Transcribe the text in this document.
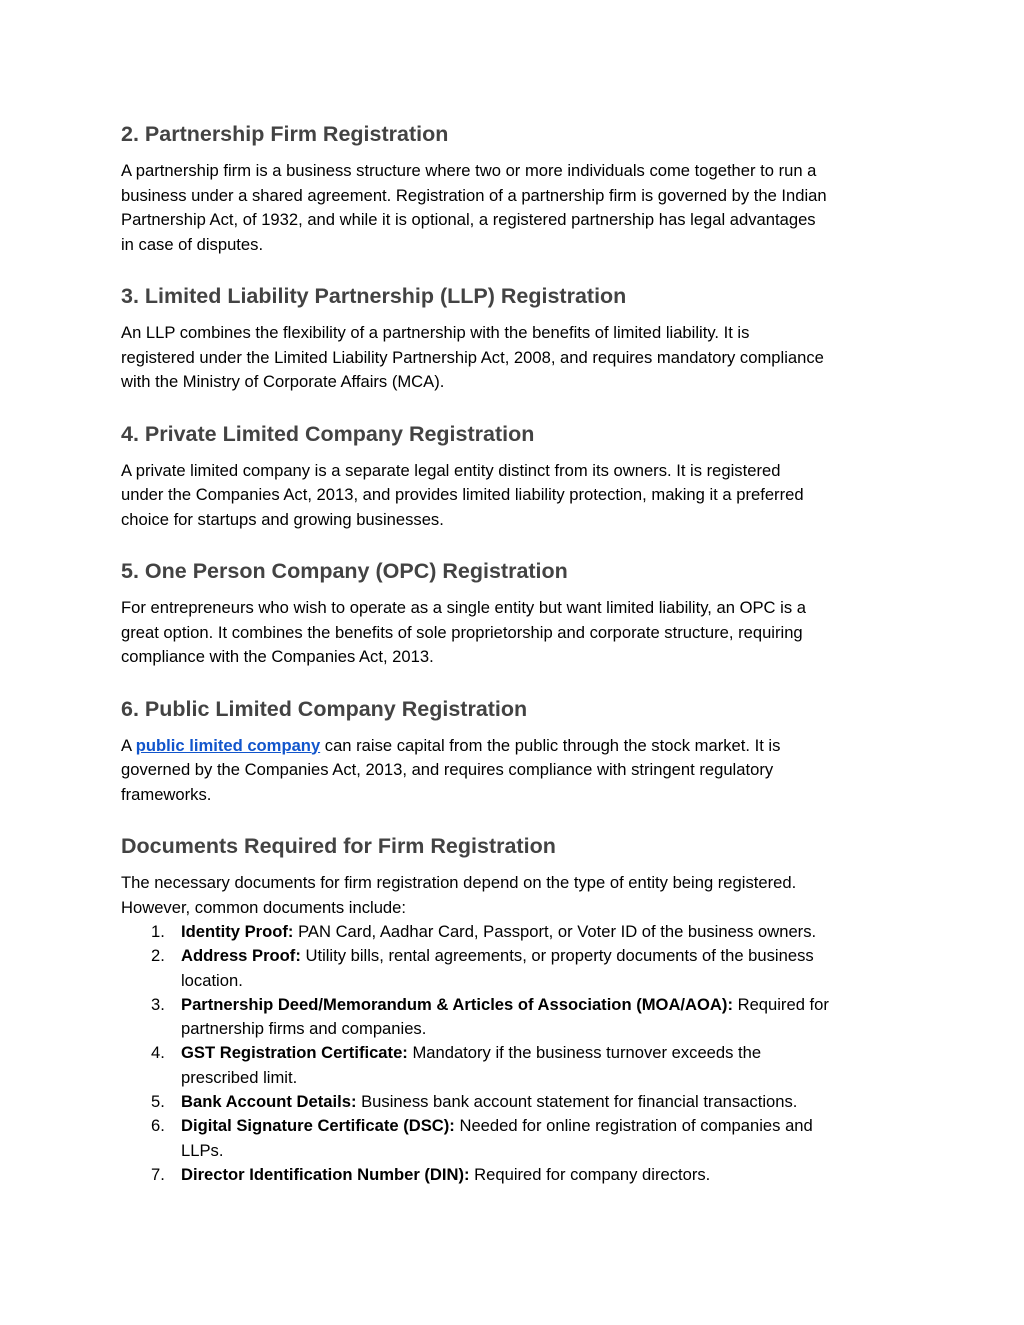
2. Partnership Firm Registration

A partnership firm is a business structure where two or more individuals come together to run a

business under a shared agreement. Registration of a partnership firm is governed by the Indian

Partnership Act, of 1932, and while it is optional, a registered partnership has legal advantages

in case of disputes.

3. Limited Liability Partnership (LLP) Registration

An LLP combines the flexibility of a partnership with the benefits of limited liability. It is

registered under the Limited Liability Partnership Act, 2008, and requires mandatory compliance

with the Ministry of Corporate Affairs (MCA).

4. Private Limited Company Registration

A private limited company is a separate legal entity distinct from its owners. It is registered

under the Companies Act, 2013, and provides limited liability protection, making it a preferred

choice for startups and growing businesses.

5. One Person Company (OPC) Registration

For entrepreneurs who wish to operate as a single entity but want limited liability, an OPC is a

great option. It combines the benefits of sole proprietorship and corporate structure, requiring

compliance with the Companies Act, 2013.

6. Public Limited Company Registration

A public limited company can raise capital from the public through the stock market. It is

governed by the Companies Act, 2013, and requires compliance with stringent regulatory

frameworks.

Documents Required for Firm Registration

The necessary documents for firm registration depend on the type of entity being registered.

However, common documents include:

1. Identity Proof: PAN Card, Aadhar Card, Passport, or Voter ID of the business owners.
2. Address Proof: Utility bills, rental agreements, or property documents of the business
location.
3. Partnership Deed/Memorandum & Articles of Association (MOA/AOA): Required for
partnership firms and companies.
4. GST Registration Certificate: Mandatory if the business turnover exceeds the
prescribed limit.
5. Bank Account Details: Business bank account statement for financial transactions.
6. Digital Signature Certificate (DSC): Needed for online registration of companies and
LLPs.
7. Director Identification Number (DIN): Required for company directors.
